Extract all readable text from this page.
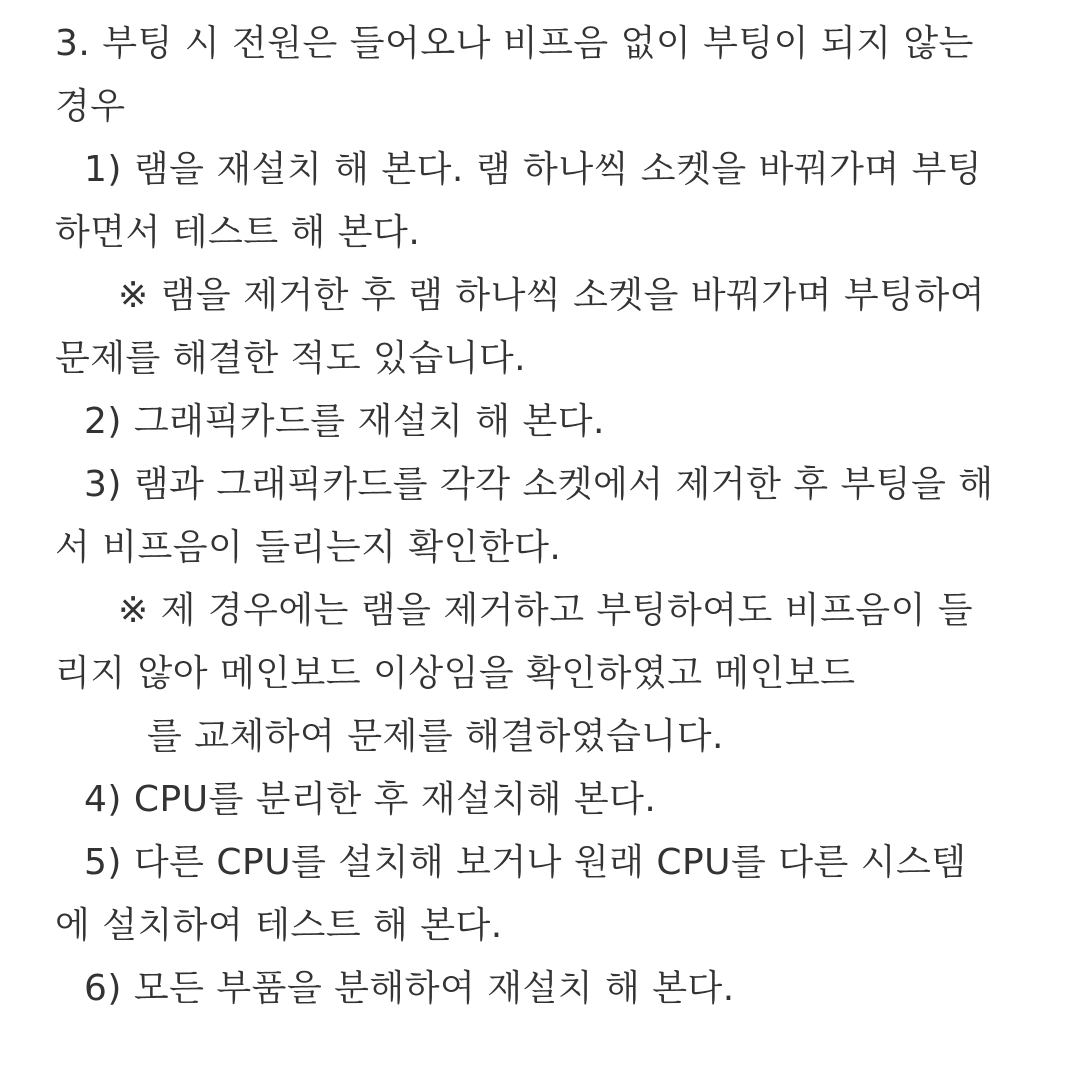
3. 부팅 시 전원은 들어오나 비프음 없이 부팅이 되지 않는
경우
1) 램을 재설치 해 본다. 램 하나씩 소켓을 바꿔가며 부팅
하면서 테스트 해 본다.
※ 램을 제거한 후 램 하나씩 소켓을 바꿔가며 부팅하여
문제를 해결한 적도 있습니다.
2) 그래픽카드를 재설치 해 본다.
3) 램과 그래픽카드를 각각 소켓에서 제거한 후 부팅을 해
서 비프음이 들리는지 확인한다.
※ 제 경우에는 램을 제거하고 부팅하여도 비프음이 들
리지 않아 메인보드 이상임을 확인하였고 메인보드
를 교체하여 문제를 해결하였습니다.
4) CPU를 분리한 후 재설치해 본다.
5) 다른 CPU를 설치해 보거나 원래 CPU를 다른 시스템
에 설치하여 테스트 해 본다.
6) 모든 부품을 분해하여 재설치 해 본다.
